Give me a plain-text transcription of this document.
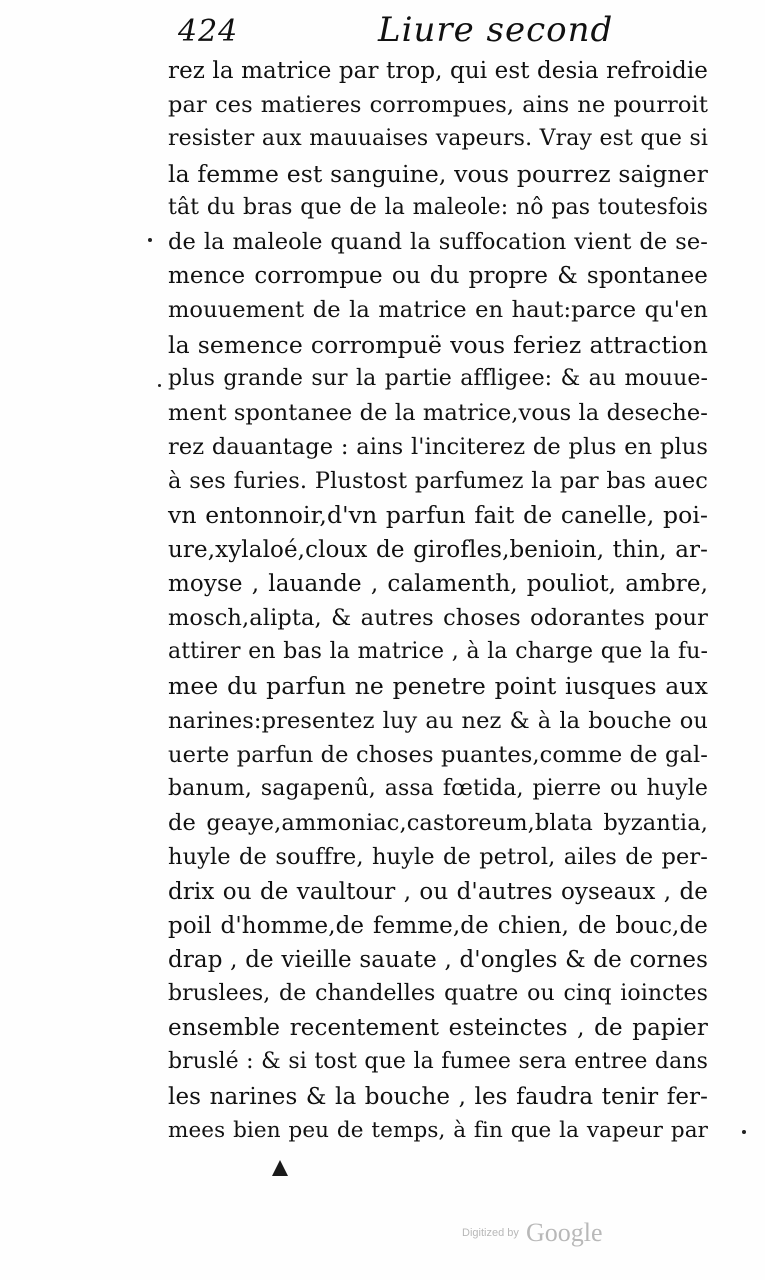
424	Liure second
rez la matrice par trop, qui est desia refroidie
par ces matieres corrompues, ains ne pourroit
resister aux mauuaises vapeurs. Vray est que si
la femme est sanguine, vous pourrez saigner
tât du bras que de la maleole: nô pas toutesfois
de la maleole quand la suffocation vient de se-
mence corrompue ou du propre & spontanee
mouuement de la matrice en haut:parce qu'en
la semence corrompuë vous feriez attraction
plus grande sur la partie affligee: & au mouue-
ment spontanee de la matrice,vous la deseche-
rez dauantage : ains l'inciterez de plus en plus
à ses furies. Plustost parfumez la par bas auec
vn entonnoir,d'vn parfun fait de canelle, poi-
ure,xylaloé,cloux de girofles,benioin, thin, ar-
moyse , lauande , calamenth, pouliot, ambre,
mosch,alipta, & autres choses odorantes pour
attirer en bas la matrice , à la charge que la fu-
mee du parfun ne penetre point iusques aux
narines:presentez luy au nez & à la bouche ou
uerte parfun de choses puantes,comme de gal-
banum, sagapenû, assa fœtida, pierre ou huyle
de geaye,ammoniac,castoreum,blata byzantia,
huyle de souffre, huyle de petrol, ailes de per-
drix ou de vaultour , ou d'autres oyseaux , de
poil d'homme,de femme,de chien, de bouc,de
drap , de vieille sauate , d'ongles & de cornes
bruslees, de chandelles quatre ou cinq ioinctes
ensemble recentement esteinctes , de papier
bruslé : & si tost que la fumee sera entree dans
les narines & la bouche , les faudra tenir fer-
mees bien peu de temps, à fin que la vapeur par
Digitized by Google
